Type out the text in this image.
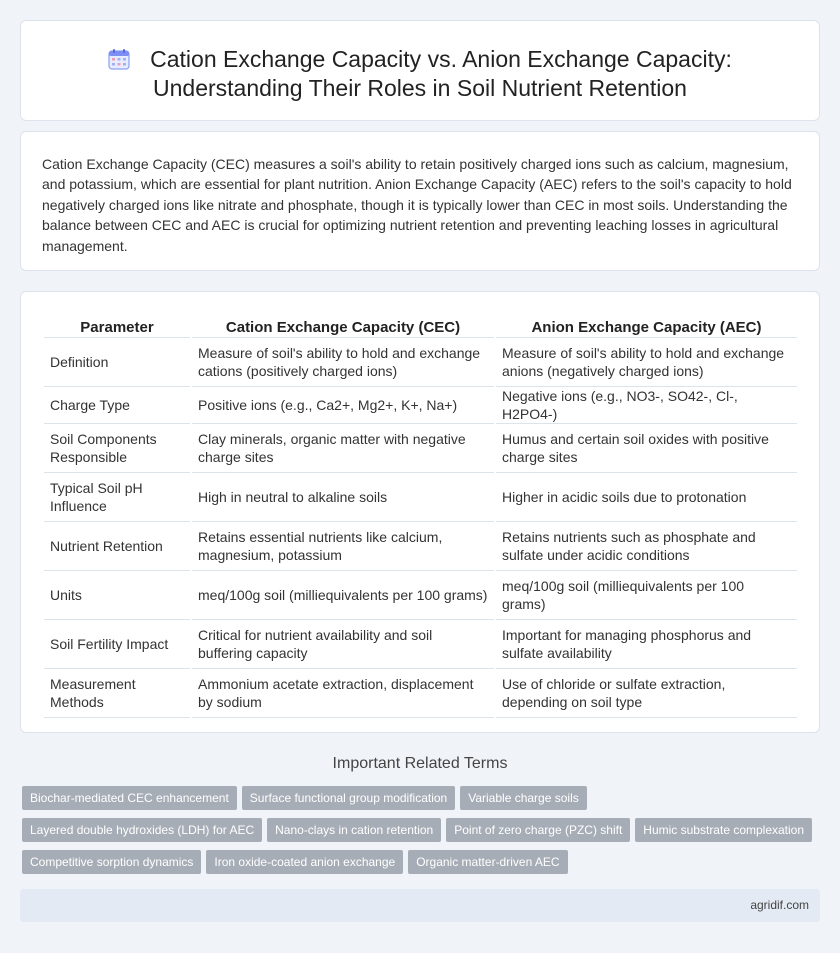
Cation Exchange Capacity vs. Anion Exchange Capacity:
Understanding Their Roles in Soil Nutrient Retention

Cation Exchange Capacity (CEC) measures a soil's ability to retain positively charged ions such as calcium, magnesium, and potassium, which are essential for plant nutrition. Anion Exchange Capacity (AEC) refers to the soil's capacity to hold negatively charged ions like nitrate and phosphate, though it is typically lower than CEC in most soils. Understanding the balance between CEC and AEC is crucial for optimizing nutrient retention and preventing leaching losses in agricultural management.

Parameter	Cation Exchange Capacity (CEC)	Anion Exchange Capacity (AEC)
Definition	Measure of soil's ability to hold and exchange cations (positively charged ions)	Measure of soil's ability to hold and exchange anions (negatively charged ions)
Charge Type	Positive ions (e.g., Ca2+, Mg2+, K+, Na+)	Negative ions (e.g., NO3-, SO42-, Cl-, H2PO4-)
Soil Components Responsible	Clay minerals, organic matter with negative charge sites	Humus and certain soil oxides with positive charge sites
Typical Soil pH Influence	High in neutral to alkaline soils	Higher in acidic soils due to protonation
Nutrient Retention	Retains essential nutrients like calcium, magnesium, potassium	Retains nutrients such as phosphate and sulfate under acidic conditions
Units	meq/100g soil (milliequivalents per 100 grams)	meq/100g soil (milliequivalents per 100 grams)
Soil Fertility Impact	Critical for nutrient availability and soil buffering capacity	Important for managing phosphorus and sulfate availability
Measurement Methods	Ammonium acetate extraction, displacement by sodium	Use of chloride or sulfate extraction, depending on soil type
Important Related Terms
Biochar-mediated CEC enhancement Surface functional group modification Variable charge soils
Layered double hydroxides (LDH) for AEC Nano-clays in cation retention Point of zero charge (PZC) shift Humic substrate complexation
Competitive sorption dynamics Iron oxide-coated anion exchange Organic matter-driven AEC
agridif.com
